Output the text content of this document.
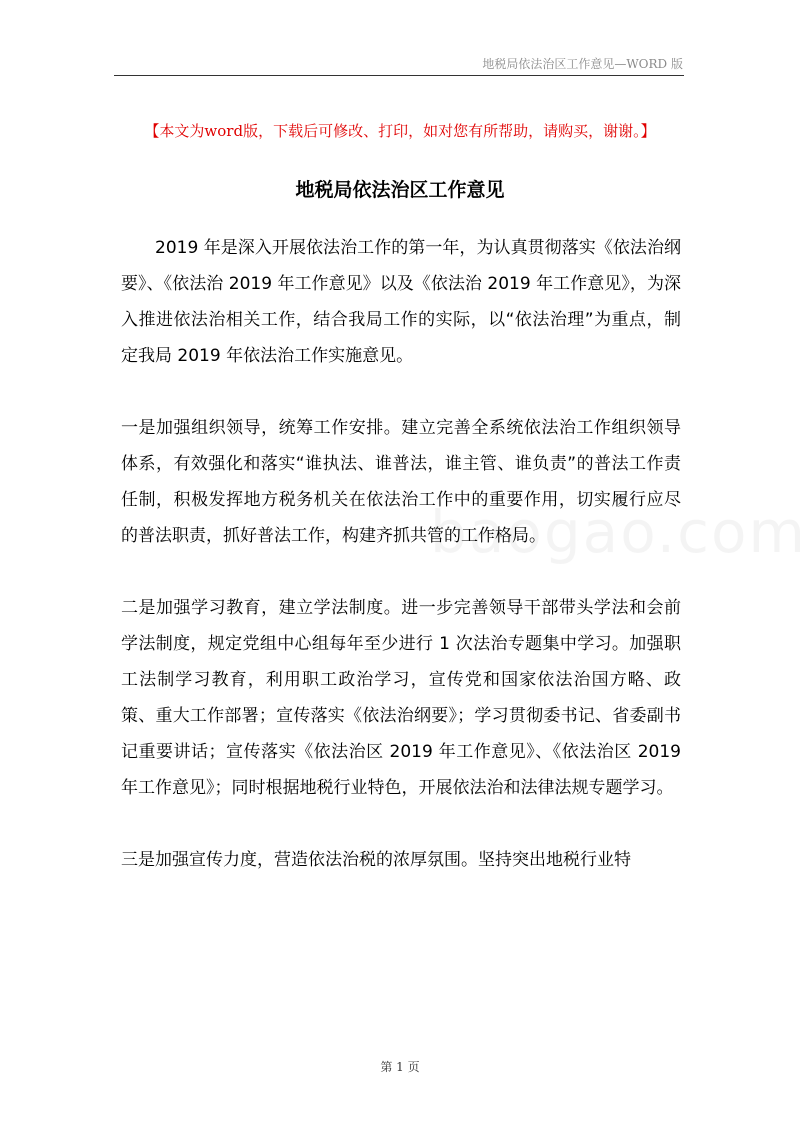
地税局依法治区工作意见—WORD 版
【本文为word版，下载后可修改、打印，如对您有所帮助，请购买，谢谢。】
地税局依法治区工作意见

2019 年是深入开展依法治工作的第一年，为认真贯彻落实《依法治纲要》、《依法治 2019 年工作意见》以及《依法治 2019 年工作意见》，为深入推进依法治相关工作，结合我局工作的实际，以“依法治理”为重点，制定我局 2019 年依法治工作实施意见。

一是加强组织领导，统筹工作安排。建立完善全系统依法治工作组织领导体系，有效强化和落实“谁执法、谁普法，谁主管、谁负责”的普法工作责任制，积极发挥地方税务机关在依法治工作中的重要作用，切实履行应尽的普法职责，抓好普法工作，构建齐抓共管的工作格局。

二是加强学习教育，建立学法制度。进一步完善领导干部带头学法和会前学法制度，规定党组中心组每年至少进行 1 次法治专题集中学习。加强职工法制学习教育，利用职工政治学习，宣传党和国家依法治国方略、政策、重大工作部署；宣传落实《依法治纲要》；学习贯彻委书记、省委副书记重要讲话；宣传落实《依法治区 2019 年工作意见》、《依法治区 2019 年工作意见》；同时根据地税行业特色，开展依法治和法律法规专题学习。

三是加强宣传力度，营造依法治税的浓厚氛围。坚持突出地税行业特

第 1 页
